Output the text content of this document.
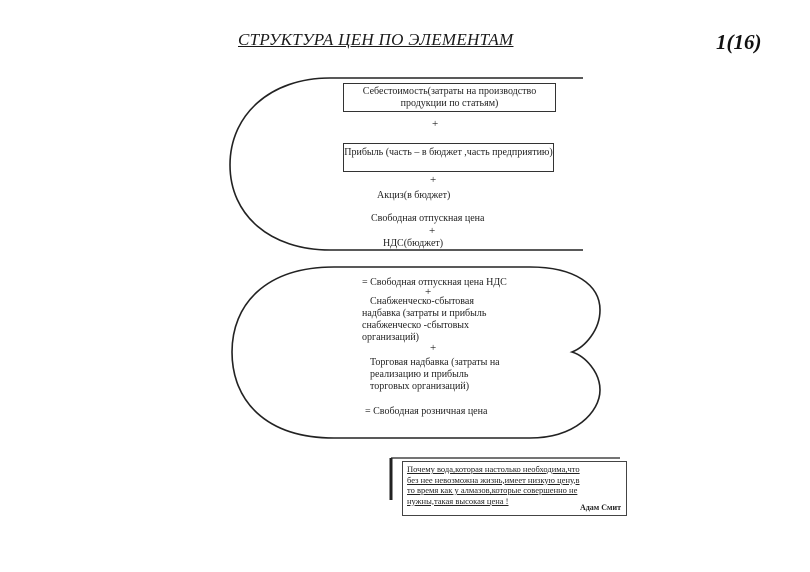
СТРУКТУРА ЦЕН ПО ЭЛЕМЕНТАМ	1(16)
Себестоимость(затраты на производство продукции по статьям)
+
Прибыль (часть – в бюджет ,часть предприятию)
+
Акциз(в бюджет)
Свободная отпускная цена
+
НДС(бюджет)
= Свободная отпускная цена НДС
+
Снабженческо-сбытовая
надбавка (затраты и прибыль
снабженческо -сбытовых
организаций)
+
Торговая надбавка (затраты на
реализацию и прибыль
торговых организаций)
= Свободная розничная цена
Почему вода,которая настолько необходима,что
без нее невозможна жизнь,имеет низкую цену,в
то время как у алмазов,которые совершенно не
нужны,такая высокая цена !
Адам Смит
